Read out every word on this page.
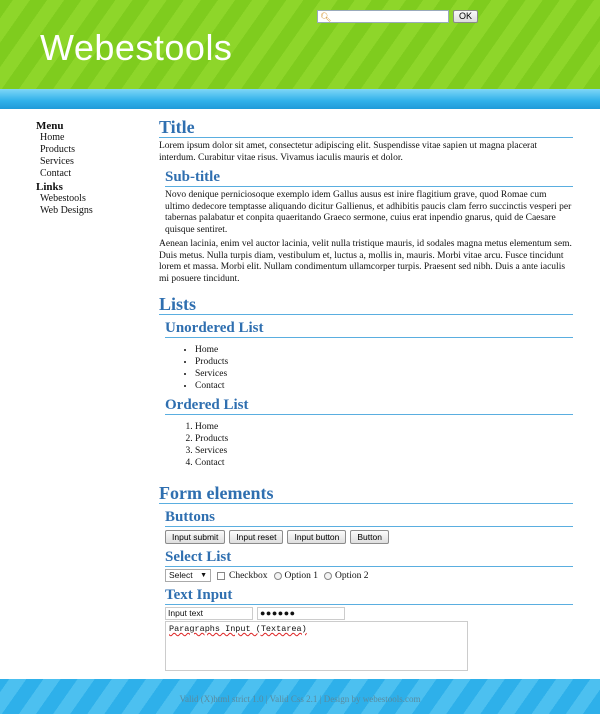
Webestools
🔍︎	OK
Menu
Home
Products
Services
Contact
Links
Webestools
Web Designs
Title
Lorem ipsum dolor sit amet, consectetur adipiscing elit. Suspendisse vitae sapien ut magna placerat interdum. Curabitur vitae risus. Vivamus iaculis mauris et dolor.
Sub-title
Novo denique perniciosoque exemplo idem Gallus ausus est inire flagitium grave, quod Romae cum ultimo dedecore temptasse aliquando dicitur Gallienus, et adhibitis paucis clam ferro succinctis vesperi per tabernas palabatur et conpita quaeritando Graeco sermone, cuius erat inpendio gnarus, quid de Caesare quisque sentiret.
Aenean lacinia, enim vel auctor lacinia, velit nulla tristique mauris, id sodales magna metus elementum sem. Duis metus. Nulla turpis diam, vestibulum et, luctus a, mollis in, mauris. Morbi vitae arcu. Fusce tincidunt lorem et massa. Morbi elit. Nullam condimentum ullamcorper turpis. Praesent sed nibh. Duis a ante iaculis mi posuere tincidunt.
Lists
Unordered List
• Home
• Products
• Services
• Contact
Ordered List
1. Home
2. Products
3. Services
4. Contact
Form elements
Buttons
Input submit	Input reset	Input button	Button
Select List
Select ▼ Checkbox Option 1 Option 2
Text Input
Input text	●●●●●●
Paragraphs Input (Textarea)
Valid (X)html strict 1.0 | Valid Css 2.1 | Design by webestools.com
